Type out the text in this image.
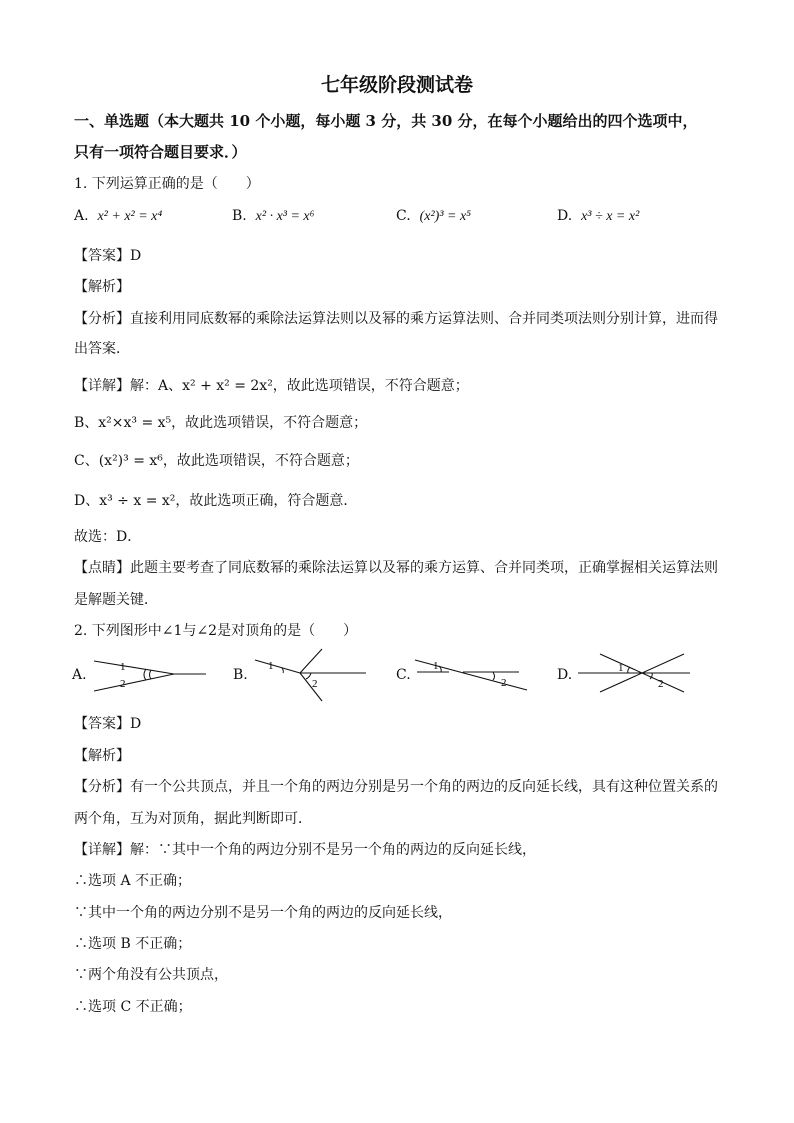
七年级阶段测试卷
一、单选题（本大题共 10 个小题，每小题 3 分，共 30 分，在每个小题给出的四个选项中，
只有一项符合题目要求．）
1. 下列运算正确的是（　　）
A. x² + x² = x⁴	B. x² · x³ = x⁶	C. (x²)³ = x⁵	D. x³ ÷ x = x²
【答案】D
【解析】
【分析】直接利用同底数幂的乘除法运算法则以及幂的乘方运算法则、合并同类项法则分别计算，进而得
出答案．
【详解】解：A、x² + x² = 2x²，故此选项错误，不符合题意；
B、x²×x³ = x⁵，故此选项错误，不符合题意；
C、(x²)³ = x⁶，故此选项错误，不符合题意；
D、x³ ÷ x = x²，故此选项正确，符合题意．
故选：D．
【点睛】此题主要考查了同底数幂的乘除法运算以及幂的乘方运算、合并同类项，正确掌握相关运算法则
是解题关键．
2. 下列图形中∠1与∠2是对顶角的是（　　）
A.	1
2
B.
1
2
C.
1
2	D.	1
2
【答案】D
【解析】
【分析】有一个公共顶点，并且一个角的两边分别是另一个角的两边的反向延长线，具有这种位置关系的
两个角，互为对顶角，据此判断即可．
【详解】解：∵其中一个角的两边分别不是另一个角的两边的反向延长线，
∴选项 A 不正确；
∵其中一个角的两边分别不是另一个角的两边的反向延长线，
∴选项 B 不正确；
∵两个角没有公共顶点，
∴选项 C 不正确；
